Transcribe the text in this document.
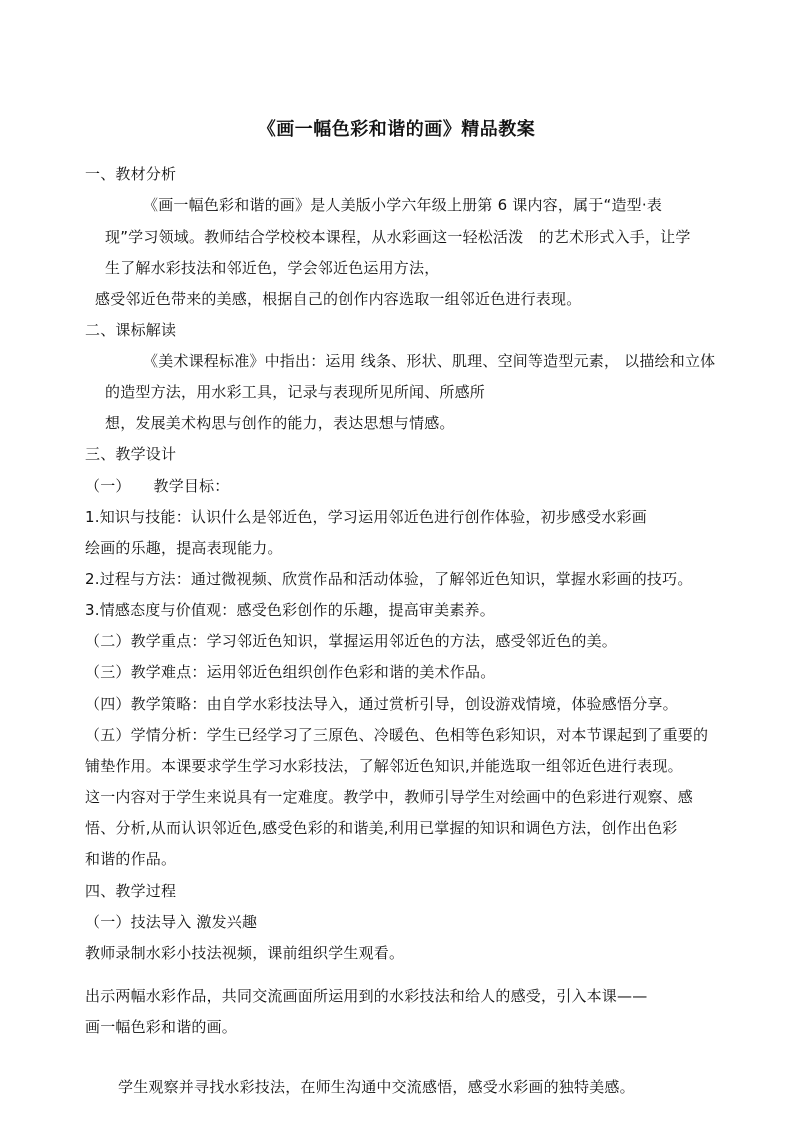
《画一幅色彩和谐的画》精品教案
一、教材分析
《画一幅色彩和谐的画》是人美版小学六年级上册第 6 课内容，属于“造型·表
现”学习领域。教师结合学校校本课程，从水彩画这一轻松活泼　的艺术形式入手，让学
生了解水彩技法和邻近色，学会邻近色运用方法，
感受邻近色带来的美感，根据自己的创作内容选取一组邻近色进行表现。
二、课标解读
《美术课程标准》中指出：运用 线条、形状、肌理、空间等造型元素， 以描绘和立体
的造型方法，用水彩工具，记录与表现所见所闻、所感所
想，发展美术构思与创作的能力，表达思想与情感。
三、教学设计
（一）　　教学目标：
1.知识与技能：认识什么是邻近色，学习运用邻近色进行创作体验，初步感受水彩画
绘画的乐趣，提高表现能力。
2.过程与方法：通过微视频、欣赏作品和活动体验，了解邻近色知识，掌握水彩画的技巧。
3.情感态度与价值观：感受色彩创作的乐趣，提高审美素养。
（二）教学重点：学习邻近色知识，掌握运用邻近色的方法，感受邻近色的美。
（三）教学难点：运用邻近色组织创作色彩和谐的美术作品。
（四）教学策略：由自学水彩技法导入，通过赏析引导，创设游戏情境，体验感悟分享。
（五）学情分析：学生已经学习了三原色、冷暖色、色相等色彩知识，对本节课起到了重要的
铺垫作用。本课要求学生学习水彩技法，了解邻近色知识,并能选取一组邻近色进行表现。
这一内容对于学生来说具有一定难度。教学中，教师引导学生对绘画中的色彩进行观察、感
悟、分析,从而认识邻近色,感受色彩的和谐美,利用已掌握的知识和调色方法，创作出色彩
和谐的作品。
四、教学过程
（一）技法导入 激发兴趣
教师录制水彩小技法视频，课前组织学生观看。
出示两幅水彩作品，共同交流画面所运用到的水彩技法和给人的感受，引入本课——
画一幅色彩和谐的画。
学生观察并寻找水彩技法，在师生沟通中交流感悟，感受水彩画的独特美感。
